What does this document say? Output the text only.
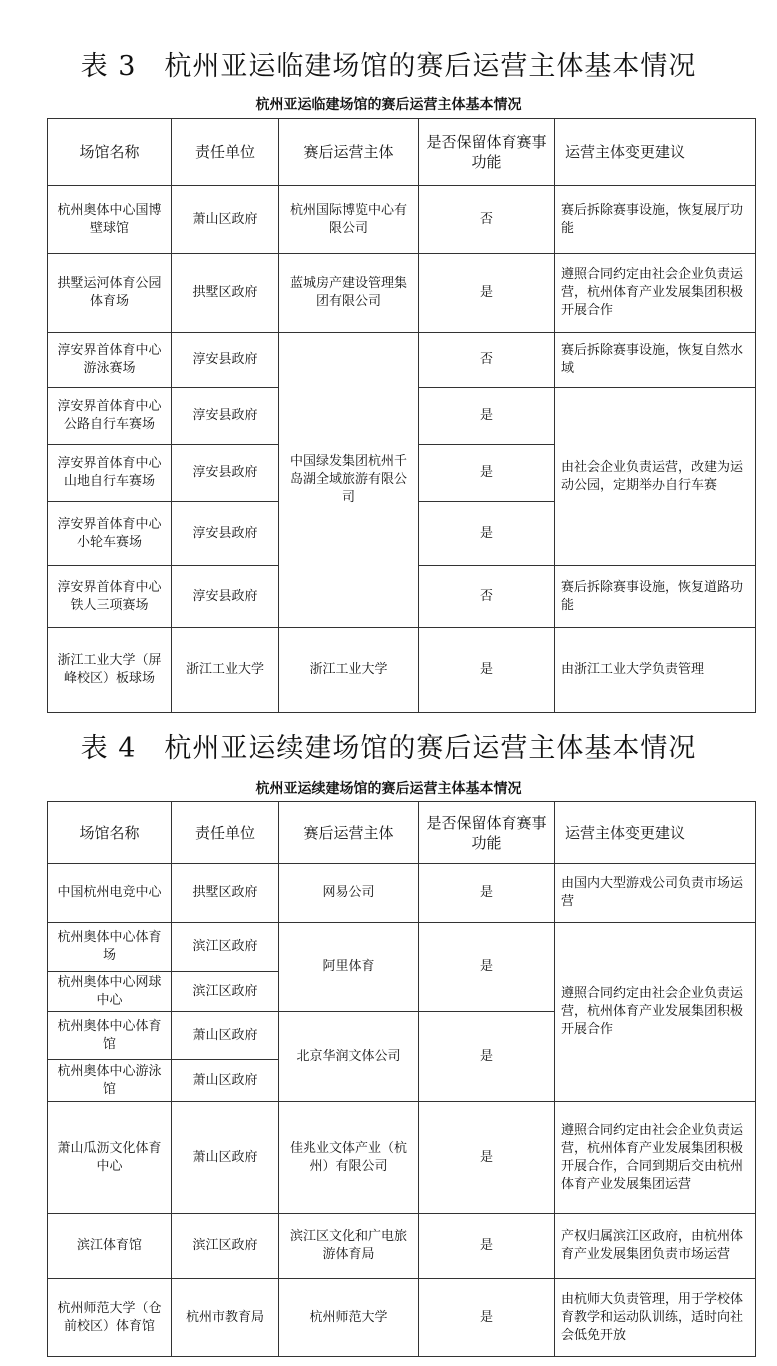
表 3　杭州亚运临建场馆的赛后运营主体基本情况
杭州亚运临建场馆的赛后运营主体基本情况
场馆名称	责任单位	赛后运营主体	是否保留体育赛事功能	运营主体变更建议
杭州奥体中心国博壁球馆	萧山区政府	杭州国际博览中心有限公司	否	赛后拆除赛事设施，恢复展厅功能
拱墅运河体育公园体育场	拱墅区政府	蓝城房产建设管理集团有限公司	是	遵照合同约定由社会企业负责运营，杭州体育产业发展集团积极开展合作
淳安界首体育中心游泳赛场	淳安县政府	中国绿发集团杭州千岛湖全域旅游有限公司	否	赛后拆除赛事设施，恢复自然水域
淳安界首体育中心公路自行车赛场	淳安县政府		是	由社会企业负责运营，改建为运动公园，定期举办自行车赛
淳安界首体育中心山地自行车赛场	淳安县政府		是	
淳安界首体育中心小轮车赛场	淳安县政府		是	
淳安界首体育中心铁人三项赛场	淳安县政府		否	赛后拆除赛事设施，恢复道路功能
浙江工业大学（屏峰校区）板球场	浙江工业大学	浙江工业大学	是	由浙江工业大学负责管理
表 4　杭州亚运续建场馆的赛后运营主体基本情况
杭州亚运续建场馆的赛后运营主体基本情况
场馆名称	责任单位	赛后运营主体	是否保留体育赛事功能	运营主体变更建议
中国杭州电竞中心	拱墅区政府	网易公司	是	由国内大型游戏公司负责市场运营
杭州奥体中心体育场	滨江区政府	阿里体育	是	遵照合同约定由社会企业负责运营，杭州体育产业发展集团积极开展合作
杭州奥体中心网球中心	滨江区政府			
杭州奥体中心体育馆	萧山区政府	北京华润文体公司	是	
杭州奥体中心游泳馆	萧山区政府			
萧山瓜沥文化体育中心	萧山区政府	佳兆业文体产业（杭州）有限公司	是	遵照合同约定由社会企业负责运营，杭州体育产业发展集团积极开展合作，合同到期后交由杭州体育产业发展集团运营
滨江体育馆	滨江区政府	滨江区文化和广电旅游体育局	是	产权归属滨江区政府，由杭州体育产业发展集团负责市场运营
杭州师范大学（仓前校区）体育馆	杭州市教育局	杭州师范大学	是	由杭师大负责管理，用于学校体育教学和运动队训练，适时向社会低免开放
